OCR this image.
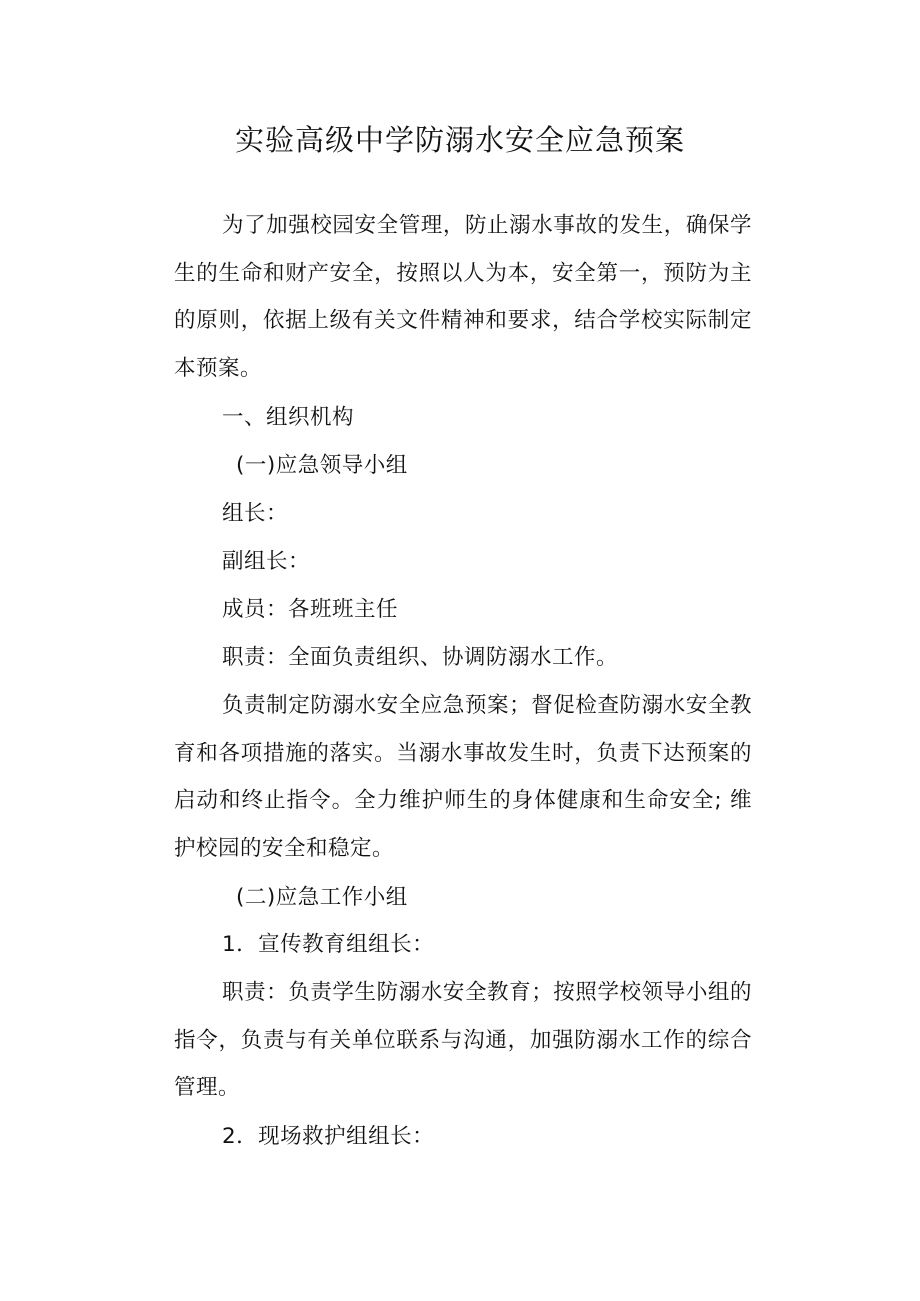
实验高级中学防溺水安全应急预案
为了加强校园安全管理，防止溺水事故的发生，确保学生的生命和财产安全，按照以人为本，安全第一，预防为主的原则，依据上级有关文件精神和要求，结合学校实际制定本预案。
一、组织机构
(一)应急领导小组
组长：
副组长：
成员：各班班主任
职责：全面负责组织、协调防溺水工作。
负责制定防溺水安全应急预案；督促检查防溺水安全教育和各项措施的落实。当溺水事故发生时，负责下达预案的启动和终止指令。全力维护师生的身体健康和生命安全; 维护校园的安全和稳定。
(二)应急工作小组
1．宣传教育组组长：
职责：负责学生防溺水安全教育；按照学校领导小组的指令，负责与有关单位联系与沟通，加强防溺水工作的综合管理。
2．现场救护组组长：
